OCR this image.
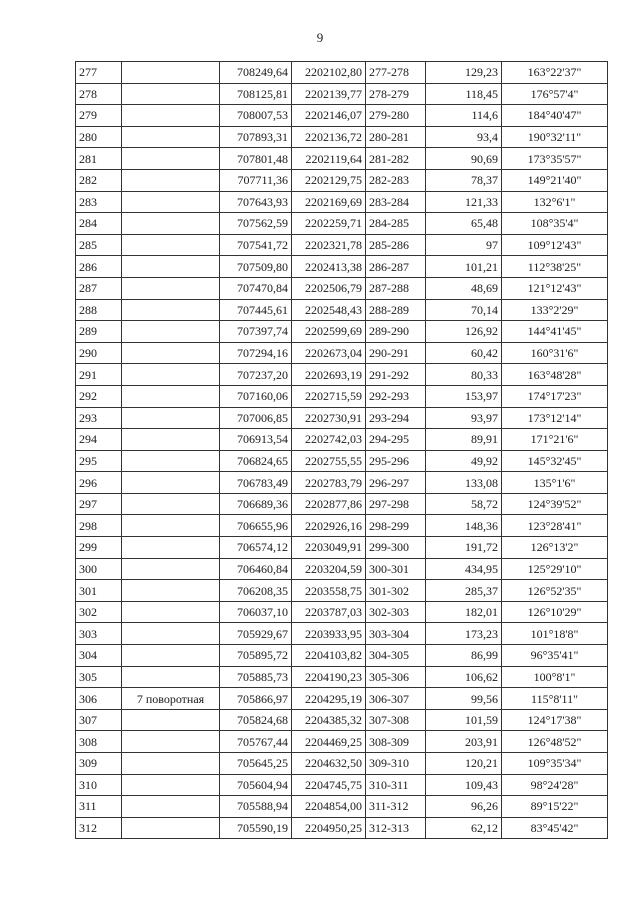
9
277		708249,64	2202102,80	277-278	129,23	163°22'37"
278		708125,81	2202139,77	278-279	118,45	176°57'4"
279		708007,53	2202146,07	279-280	114,6	184°40'47"
280		707893,31	2202136,72	280-281	93,4	190°32'11"
281		707801,48	2202119,64	281-282	90,69	173°35'57"
282		707711,36	2202129,75	282-283	78,37	149°21'40"
283		707643,93	2202169,69	283-284	121,33	132°6'1"
284		707562,59	2202259,71	284-285	65,48	108°35'4"
285		707541,72	2202321,78	285-286	97	109°12'43"
286		707509,80	2202413,38	286-287	101,21	112°38'25"
287		707470,84	2202506,79	287-288	48,69	121°12'43"
288		707445,61	2202548,43	288-289	70,14	133°2'29"
289		707397,74	2202599,69	289-290	126,92	144°41'45"
290		707294,16	2202673,04	290-291	60,42	160°31'6"
291		707237,20	2202693,19	291-292	80,33	163°48'28"
292		707160,06	2202715,59	292-293	153,97	174°17'23"
293		707006,85	2202730,91	293-294	93,97	173°12'14"
294		706913,54	2202742,03	294-295	89,91	171°21'6"
295		706824,65	2202755,55	295-296	49,92	145°32'45"
296		706783,49	2202783,79	296-297	133,08	135°1'6"
297		706689,36	2202877,86	297-298	58,72	124°39'52"
298		706655,96	2202926,16	298-299	148,36	123°28'41"
299		706574,12	2203049,91	299-300	191,72	126°13'2"
300		706460,84	2203204,59	300-301	434,95	125°29'10"
301		706208,35	2203558,75	301-302	285,37	126°52'35"
302		706037,10	2203787,03	302-303	182,01	126°10'29"
303		705929,67	2203933,95	303-304	173,23	101°18'8"
304		705895,72	2204103,82	304-305	86,99	96°35'41"
305		705885,73	2204190,23	305-306	106,62	100°8'1"
306	7 поворотная	705866,97	2204295,19	306-307	99,56	115°8'11"
307		705824,68	2204385,32	307-308	101,59	124°17'38"
308		705767,44	2204469,25	308-309	203,91	126°48'52"
309		705645,25	2204632,50	309-310	120,21	109°35'34"
310		705604,94	2204745,75	310-311	109,43	98°24'28"
311		705588,94	2204854,00	311-312	96,26	89°15'22"
312		705590,19	2204950,25	312-313	62,12	83°45'42"
